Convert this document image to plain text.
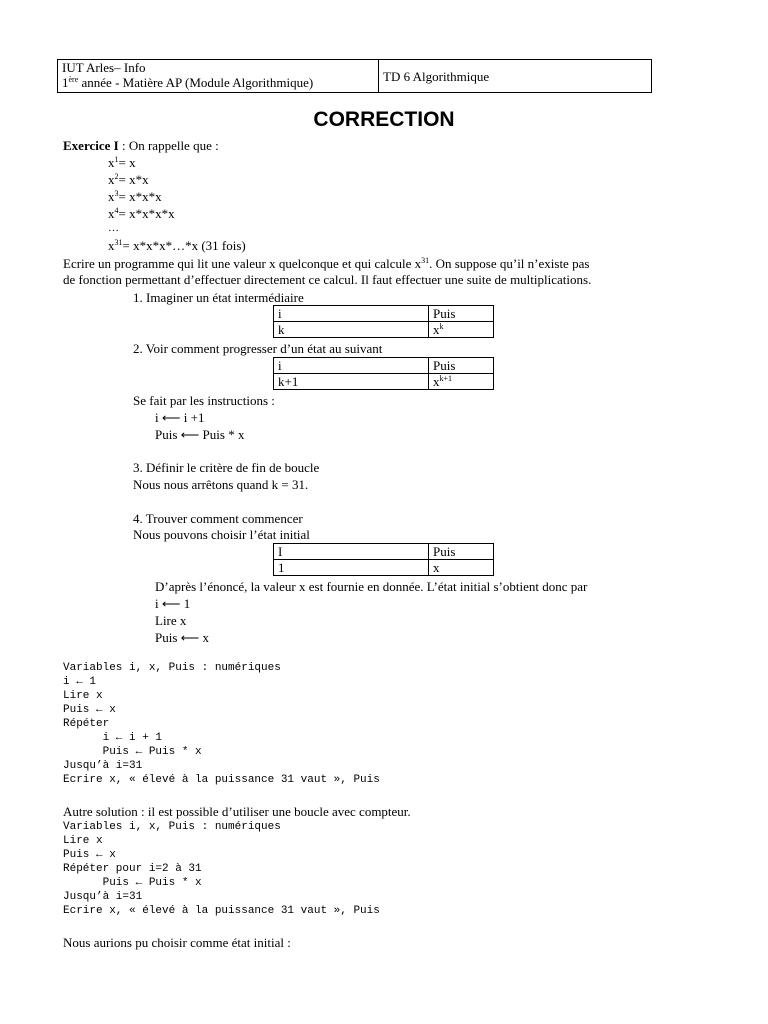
IUT Arles– Info
1ère année - Matière AP (Module Algorithmique)	TD 6 Algorithmique
CORRECTION
Exercice I : On rappelle que :
$x^1= x$
$x^2= x*x$
$x^3= x*x*x$
$x^4= x*x*x*x$
…
$x^{31}=$ x*x*x*…*x (31 fois)
Ecrire un programme qui lit une valeur x quelconque et qui calcule $x^{31}$. On suppose qu’il n’existe pas
de fonction permettant d’effectuer directement ce calcul. Il faut effectuer une suite de multiplications.
1. Imaginer un état intermédiaire
i	Puis
k	$x^k$
2. Voir comment progresser d’un état au suivant
i	Puis
k+1	$x^{k+1}$
Se fait par les instructions :
i ⟵ i +1
Puis ⟵ Puis * x
3. Définir le critère de fin de boucle
Nous nous arrêtons quand k = 31.
4. Trouver comment commencer
Nous pouvons choisir l’état initial
I	Puis
1	x
D’après l’énoncé, la valeur x est fournie en donnée. L’état initial s’obtient donc par
i ⟵ 1
Lire x
Puis ⟵ x
Variables i, x, Puis : numériques
i ← 1
Lire x
Puis ← x
Répéter
i ← i + 1
Puis ← Puis * x
Jusqu’à i=31
Ecrire x, « élevé à la puissance 31 vaut », Puis
Autre solution : il est possible d’utiliser une boucle avec compteur.
Variables i, x, Puis : numériques
Lire x
Puis ← x
Répéter pour i=2 à 31
Puis ← Puis * x
Jusqu’à i=31
Ecrire x, « élevé à la puissance 31 vaut », Puis
Nous aurions pu choisir comme état initial :
